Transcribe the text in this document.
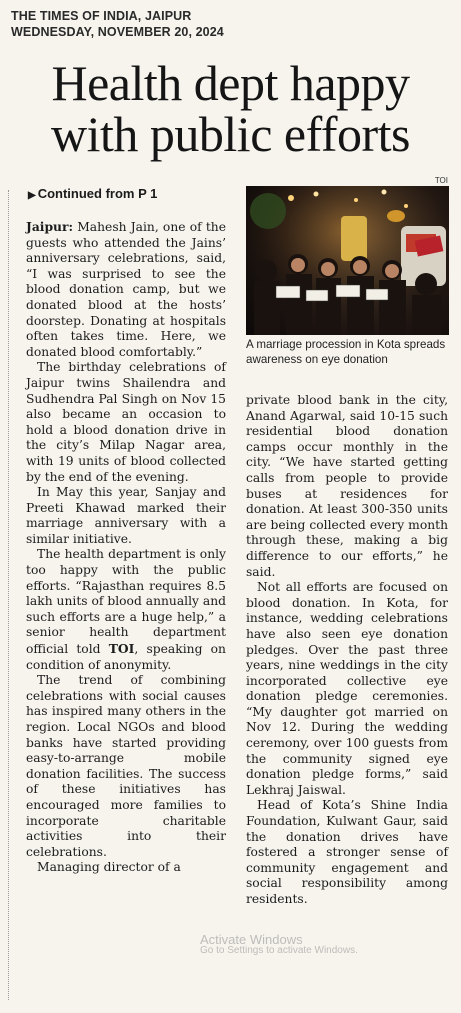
THE TIMES OF INDIA, JAIPUR
WEDNESDAY, NOVEMBER 20, 2024
Health dept happy
with public efforts
▶ Continued from P 1
TOI
A marriage procession in Kota spreads awareness on eye donation

Jaipur: Mahesh Jain, one of the guests who attended the Jains’ anniversary celebrations, said, “I was surprised to see the blood donation camp, but we donated blood at the hosts’ doorstep. Donating at hospitals often takes time. Here, we donated blood comfortably.”

The birthday celebrations of Jaipur twins Shailendra and Sudhendra Pal Singh on Nov 15 also became an occasion to hold a blood donation drive in the city’s Milap Nagar area, with 19 units of blood collected by the end of the evening.

In May this year, Sanjay and Preeti Khawad marked their marriage anniversary with a similar initiative.

The health department is only too happy with the public efforts. “Rajasthan requires 8.5 lakh units of blood annually and such efforts are a huge help,” a senior health department official told TOI, speaking on condition of anonymity.

The trend of combining celebrations with social causes has inspired many others in the region. Local NGOs and blood banks have started providing easy-to-arrange mobile donation facilities. The success of these initiatives has encouraged more families to incorporate charitable activities into their celebrations.

Managing director of a

private blood bank in the city, Anand Agarwal, said 10-15 such residential blood donation camps occur monthly in the city. “We have started getting calls from people to provide buses at residences for donation. At least 300-350 units are being collected every month through these, making a big difference to our efforts,” he said.

Not all efforts are focused on blood donation. In Kota, for instance, wedding celebrations have also seen eye donation pledges. Over the past three years, nine weddings in the city incorporated collective eye donation pledge ceremonies. “My daughter got married on Nov 12. During the wedding ceremony, over 100 guests from the community signed eye donation pledge forms,” said Lekhraj Jaiswal.

Head of Kota’s Shine India Foundation, Kulwant Gaur, said the donation drives have fostered a stronger sense of community engagement and social responsibility among residents.

Activate Windows
Go to Settings to activate Windows.
